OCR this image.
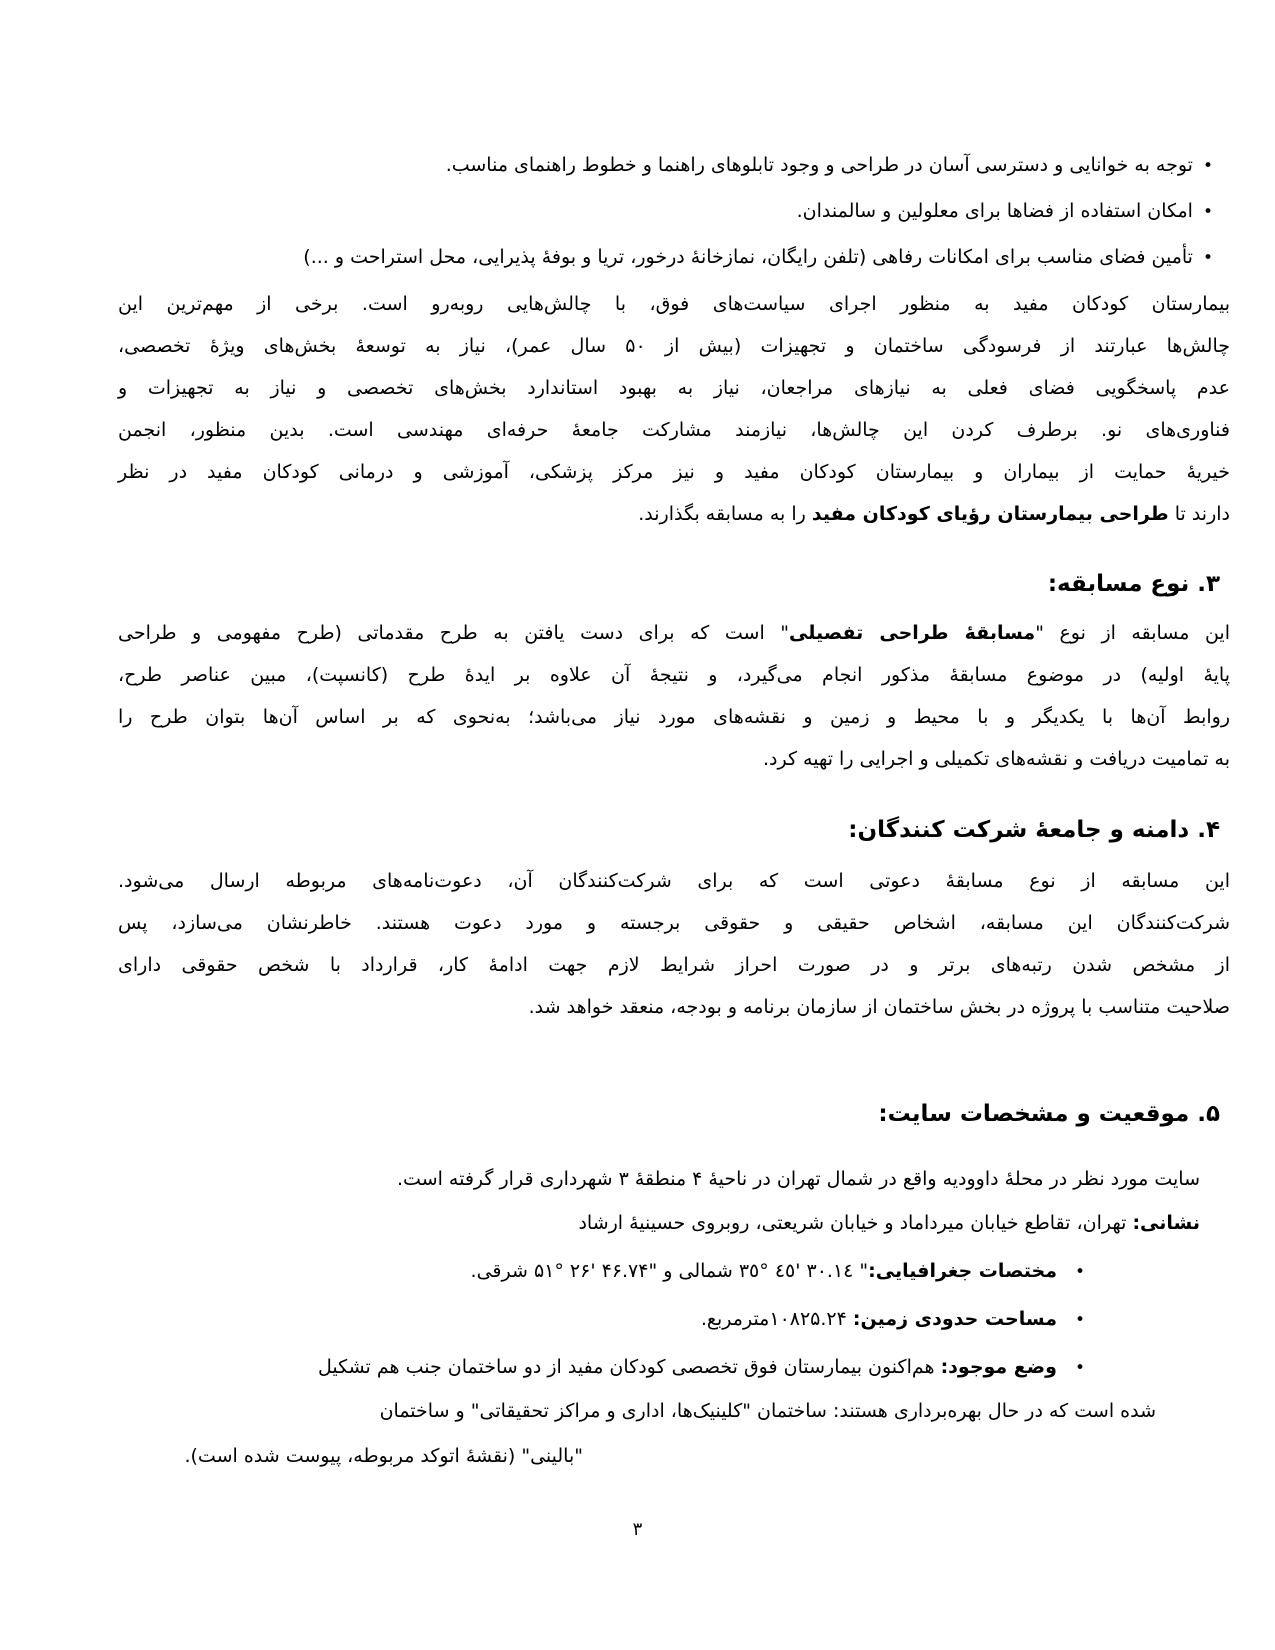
•توجه به خوانایی و دسترسی آسان در طراحی و وجود تابلوهای راهنما و خطوط راهنمای مناسب.
•امکان استفاده از فضاها برای معلولین و سالمندان.
•تأمین فضای مناسب برای امکانات رفاهی (تلفن رایگان، نمازخانهٔ درخور، تریا و بوفهٔ پذیرایی، محل استراحت و ...)
بیمارستان کودکان مفید به منظور اجرای سیاست‌های فوق، با چالش‌هایی روبه‌رو است. برخی از مهم‌ترین این
چالش‌ها عبارتند از فرسودگی ساختمان و تجهیزات (بیش از ۵۰ سال عمر)، نیاز به توسعهٔ بخش‌های ویژهٔ تخصصی،
عدم پاسخگویی فضای فعلی به نیازهای مراجعان، نیاز به بهبود استاندارد بخش‌های تخصصی و نیاز به تجهیزات و
فناوری‌های نو. برطرف کردن این چالش‌ها، نیازمند مشارکت جامعهٔ حرفه‌ای مهندسی است. بدین منظور، انجمن
خیریهٔ حمایت از بیماران و بیمارستان کودکان مفید و نیز مرکز پزشکی، آموزشی و درمانی کودکان مفید در نظر
دارند تا طراحی بیمارستان رؤیای کودکان مفید را به مسابقه بگذارند.
۳. نوع مسابقه:
این مسابقه از نوع "مسابقهٔ طراحی تفصیلی" است که برای دست یافتن به طرح مقدماتی (طرح مفهومی و طراحی
پایهٔ اولیه) در موضوع مسابقهٔ مذکور انجام می‌گیرد، و نتیجهٔ آن علاوه بر ایدهٔ طرح (کانسپت)، مبین عناصر طرح،
روابط آن‌ها با یکدیگر و با محیط و زمین و نقشه‌های مورد نیاز می‌باشد؛ به‌نحوی که بر اساس آن‌ها بتوان طرح را
به تمامیت دریافت و نقشه‌های تکمیلی و اجرایی را تهیه کرد.
۴. دامنه و جامعهٔ شرکت کنندگان:
این مسابقه از نوع مسابقهٔ دعوتی است که برای شرکت‌کنندگان آن، دعوت‌نامه‌های مربوطه ارسال می‌شود.
شرکت‌کنندگان این مسابقه، اشخاص حقیقی و حقوقی برجسته و مورد دعوت هستند. خاطرنشان می‌سازد، پس
از مشخص شدن رتبه‌های برتر و در صورت احراز شرایط لازم جهت ادامهٔ کار، قرارداد با شخص حقوقی دارای
صلاحیت متناسب با پروژه در بخش ساختمان از سازمان برنامه و بودجه، منعقد خواهد شد.
۵. موقعیت و مشخصات سایت:
سایت مورد نظر در محلهٔ داوودیه واقع در شمال تهران در ناحیهٔ ۴ منطقهٔ ۳ شهرداری قرار گرفته است.
نشانی: تهران، تقاطع خیابان میرداماد و خیابان شریعتی، روبروی حسینیهٔ ارشاد
•مختصات جغرافیایی:" ٣٠.١٤ '٤٥ °٣٥ شمالی و "۴۶.۷۴ '۲۶ °۵۱ شرقی.
•مساحت حدودی زمین: ۱۰۸۲۵.۲۴مترمربع.
•وضع موجود: هم‌اکنون بیمارستان فوق تخصصی کودکان مفید از دو ساختمان جنب هم تشکیل
شده است که در حال بهره‌برداری هستند: ساختمان "کلینیک‌ها، اداری و مراکز تحقیقاتی" و ساختمان
"بالینی" (نقشهٔ اتوکد مربوطه، پیوست شده است).
۳
